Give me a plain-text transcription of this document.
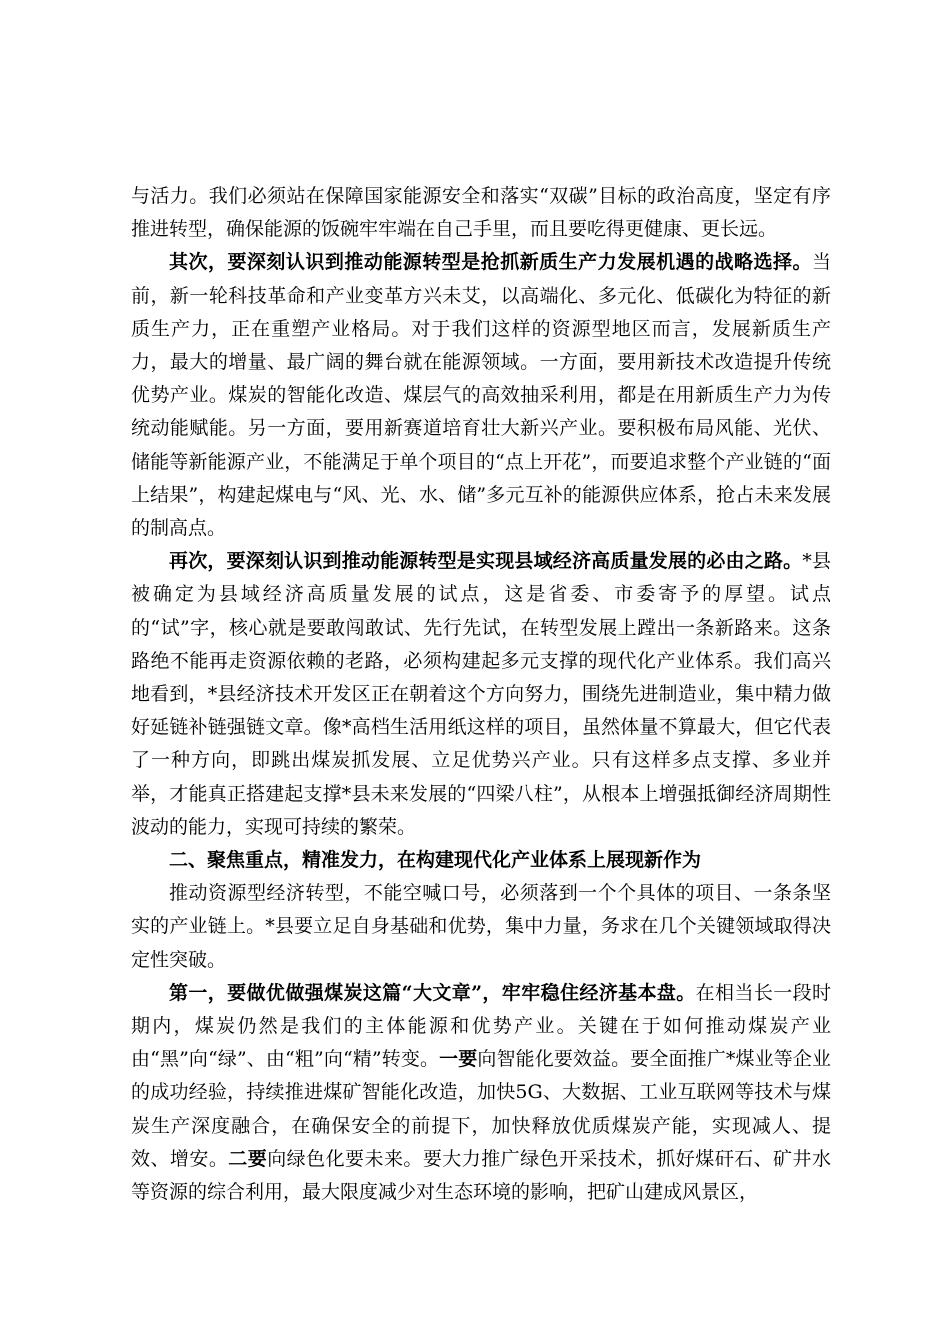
与活力。我们必须站在保障国家能源安全和落实“双碳”目标的政治高度，坚定有序推进转型，确保能源的饭碗牢牢端在自己手里，而且要吃得更健康、更长远。

其次，要深刻认识到推动能源转型是抢抓新质生产力发展机遇的战略选择。当前，新一轮科技革命和产业变革方兴未艾，以高端化、多元化、低碳化为特征的新质生产力，正在重塑产业格局。对于我们这样的资源型地区而言，发展新质生产力，最大的增量、最广阔的舞台就在能源领域。一方面，要用新技术改造提升传统优势产业。煤炭的智能化改造、煤层气的高效抽采利用，都是在用新质生产力为传统动能赋能。另一方面，要用新赛道培育壮大新兴产业。要积极布局风能、光伏、储能等新能源产业，不能满足于单个项目的“点上开花”，而要追求整个产业链的“面上结果”，构建起煤电与“风、光、水、储”多元互补的能源供应体系，抢占未来发展的制高点。

再次，要深刻认识到推动能源转型是实现县域经济高质量发展的必由之路。*县被确定为县域经济高质量发展的试点，这是省委、市委寄予的厚望。试点的“试”字，核心就是要敢闯敢试、先行先试，在转型发展上蹚出一条新路来。这条路绝不能再走资源依赖的老路，必须构建起多元支撑的现代化产业体系。我们高兴地看到，*县经济技术开发区正在朝着这个方向努力，围绕先进制造业，集中精力做好延链补链强链文章。像*高档生活用纸这样的项目，虽然体量不算最大，但它代表了一种方向，即跳出煤炭抓发展、立足优势兴产业。只有这样多点支撑、多业并举，才能真正搭建起支撑*县未来发展的“四梁八柱”，从根本上增强抵御经济周期性波动的能力，实现可持续的繁荣。

二、聚焦重点，精准发力，在构建现代化产业体系上展现新作为

推动资源型经济转型，不能空喊口号，必须落到一个个具体的项目、一条条坚实的产业链上。*县要立足自身基础和优势，集中力量，务求在几个关键领域取得决定性突破。

第一，要做优做强煤炭这篇“大文章”，牢牢稳住经济基本盘。在相当长一段时期内，煤炭仍然是我们的主体能源和优势产业。关键在于如何推动煤炭产业由“黑”向“绿”、由“粗”向“精”转变。一要向智能化要效益。要全面推广*煤业等企业的成功经验，持续推进煤矿智能化改造，加快5G、大数据、工业互联网等技术与煤炭生产深度融合，在确保安全的前提下，加快释放优质煤炭产能，实现减人、提效、增安。二要向绿色化要未来。要大力推广绿色开采技术，抓好煤矸石、矿井水等资源的综合利用，最大限度减少对生态环境的影响，把矿山建成风景区，
